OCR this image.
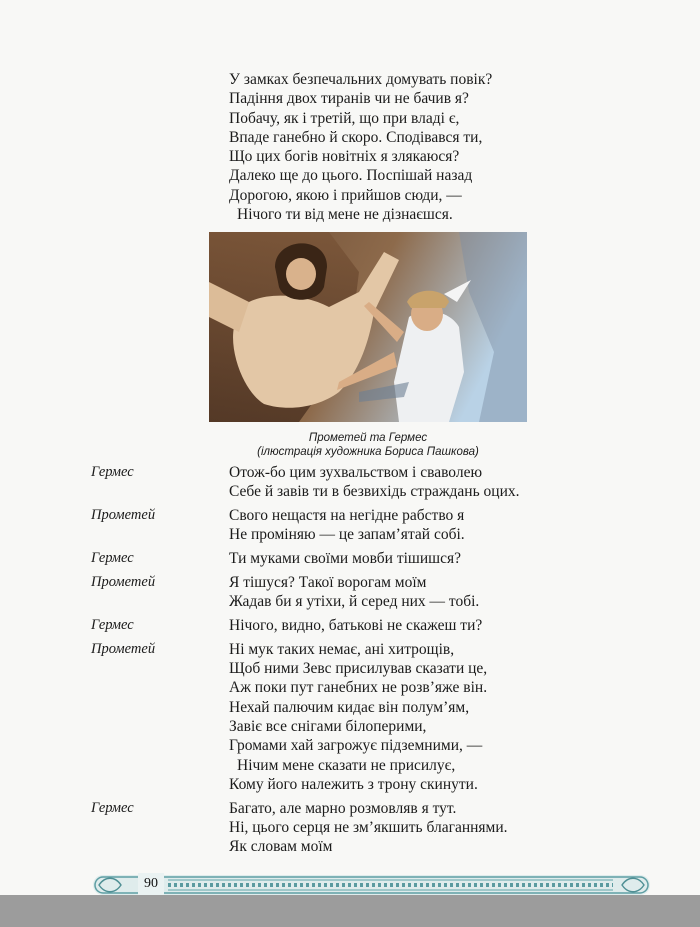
У замках безпечальних домувать повік?
Падіння двох тиранів чи не бачив я?
Побачу, як і третій, що при владі є,
Впаде ганебно й скоро. Сподівався ти,
Що цих богів новітніх я злякаюся?
Далеко ще до цього. Поспішай назад
Дорогою, якою і прийшов сюди, —
Нічого ти від мене не дізнаєшся.
Прометей та Гермес
(ілюстрація художника Бориса Пашкова)
Гермес	Отож-бо цим зухвальством і сваволею
Себе й завів ти в безвихідь страждань оцих.
Прометей	Свого нещастя на негідне рабство я
Не проміняю — це запам’ятай собі.
Гермес	Ти муками своїми мовби тішишся?
Прометей	Я тішуся? Такої ворогам моїм
Жадав би я утіхи, й серед них — тобі.
Гермес	Нічого, видно, батькові не скажеш ти?
Прометей	Ні мук таких немає, ані хитрощів,
Щоб ними Зевс присилував сказати це,
Аж поки пут ганебних не розв’яже він.
Нехай палючим кидає він полум’ям,
Завіє все снігами білоперими,
Громами хай загрожує підземними, —
Нічим мене сказати не присилує,
Кому його належить з трону скинути.
Гермес	Багато, але марно розмовляв я тут.
Ні, цього серця не зм’якшить благаннями.
Як словам моїм
90
